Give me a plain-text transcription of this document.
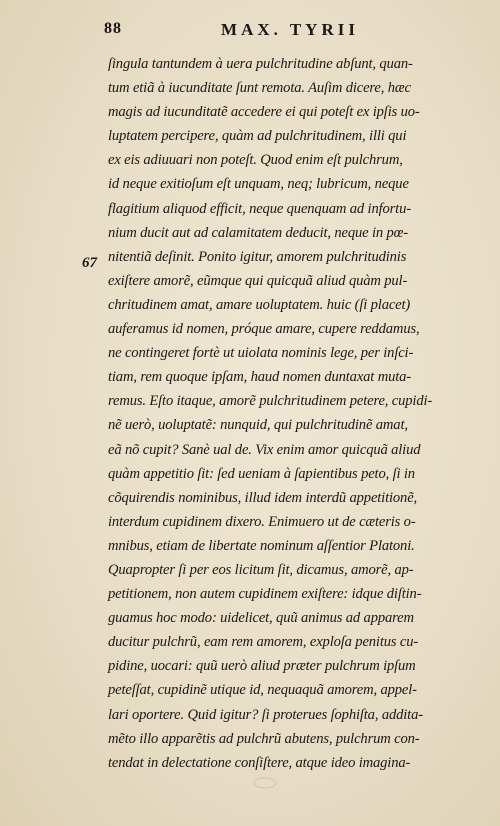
88	MAX. TYRII
67
ſingula tantundem à uera pulchritudine abſunt, quan‑
tum etiã à iucunditate ſunt remota. Auſim dicere, hæc
magis ad iucunditatẽ accedere ei qui poteſt ex ipſis uo‑
luptatem percipere, quàm ad pulchritudinem, illi qui
ex eis adiuuari non poteſt. Quod enim eſt pulchrum,
id neque exitioſum eſt unquam, neq; lubricum, neque
flagitium aliquod efficit, neque quenquam ad infortu‑
nium ducit aut ad calamitatem deducit, neque in pœ‑
nitentiã deſinit. Ponito igitur, amorem pulchritudinis
exiſtere amorẽ, eũmque qui quicquã aliud quàm pul‑
chritudinem amat, amare uoluptatem. huic (ſi placet)
auferamus id nomen, próque amare, cupere reddamus,
ne contingeret fortè ut uiolata nominis lege, per inſci‑
tiam, rem quoque ipſam, haud nomen duntaxat muta‑
remus. Eſto itaque, amorẽ pulchritudinem petere, cupidi‑
nẽ uerò, uoluptatẽ: nunquid, qui pulchritudinẽ amat,
eã nõ cupit? Sanè ual de. Vix enim amor quicquã aliud
quàm appetitio ſit: ſed ueniam à ſapientibus peto, ſi in
cõquirendis nominibus, illud idem interdũ appetitionẽ,
interdum cupidinem dixero. Enimuero ut de cæteris o‑
mnibus, etiam de libertate nominum aſſentior Platoni.
Quapropter ſi per eos licitum ſit, dicamus, amorẽ, ap‑
petitionem, non autem cupidinem exiſtere: idque diſtin‑
guamus hoc modo: uidelicet, quũ animus ad apparem
ducitur pulchrũ, eam rem amorem, exploſa penitus cu‑
pidine, uocari: quũ uerò aliud præter pulchrum ipſum
peteſſat, cupidinẽ utique id, nequaquã amorem, appel‑
lari oportere. Quid igitur? ſi proterues ſophiſta, addita‑
mẽto illo apparẽtis ad pulchrũ abutens, pulchrum con‑
tendat in delectatione conſiſtere, atque ideo imagina‑
